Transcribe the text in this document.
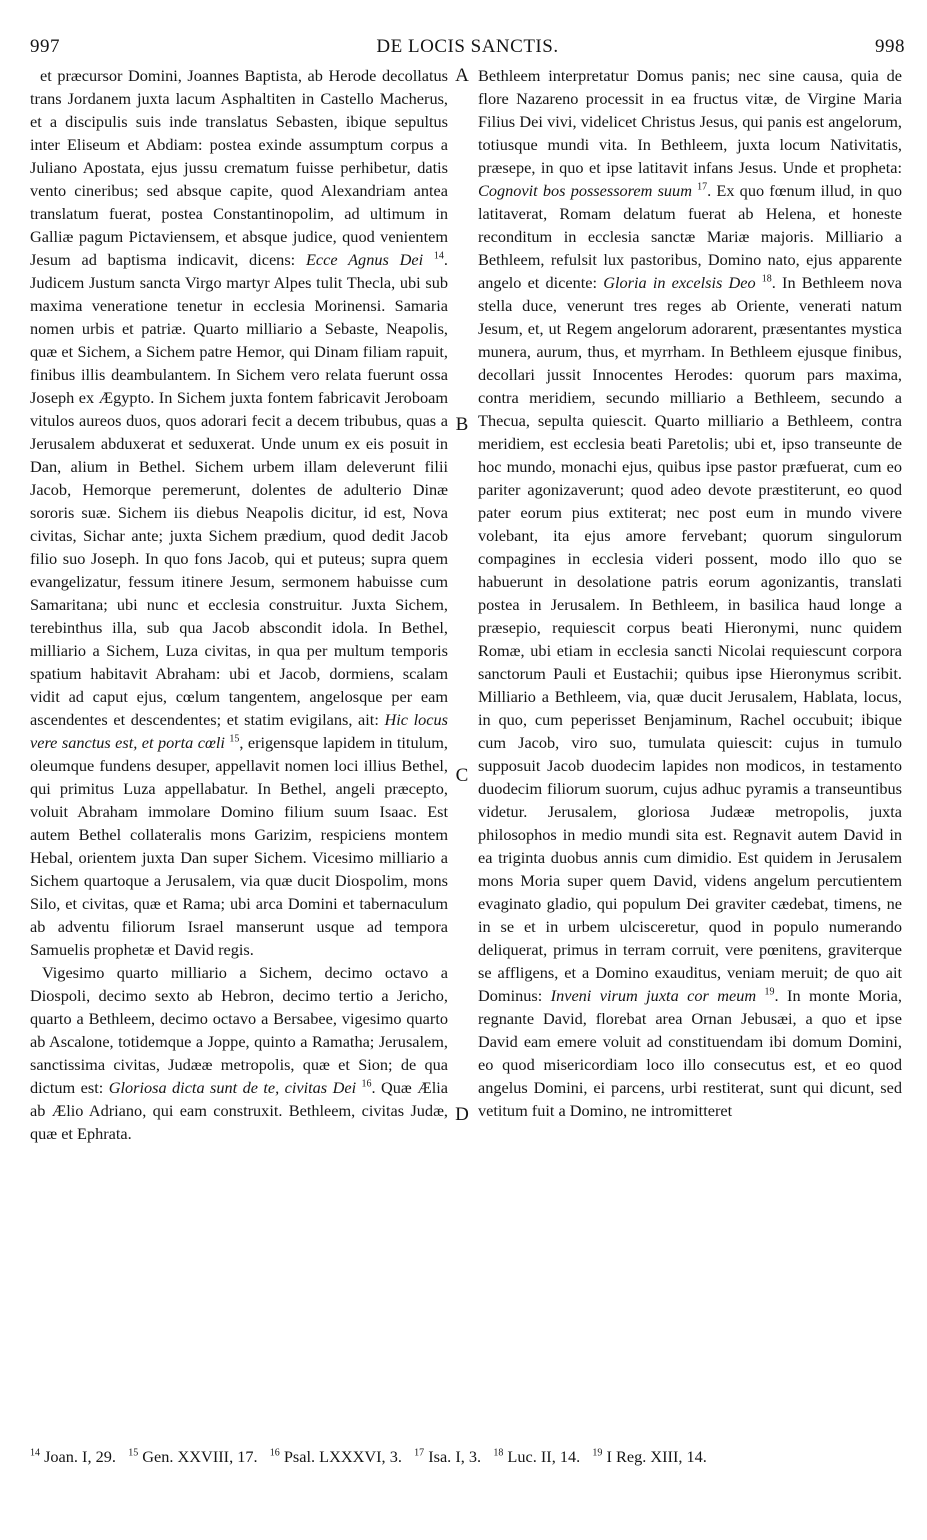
997	DE LOCIS SANCTIS.	998
A
B
C
D

et præcursor Domini, Joannes Baptista, ab Herode decollatus trans Jordanem juxta lacum Asphaltiten in Castello Macherus, et a discipulis suis inde translatus Sebasten, ibique sepultus inter Eliseum et Abdiam: postea exinde assumptum corpus a Juliano Apostata, ejus jussu crematum fuisse perhibetur, datis vento cineribus; sed absque capite, quod Alexandriam antea translatum fuerat, postea Constantinopolim, ad ultimum in Galliæ pagum Pictaviensem, et absque judice, quod venientem Jesum ad baptisma indicavit, dicens: Ecce Agnus Dei $^{14}$. Judicem Justum sancta Virgo martyr Alpes tulit Thecla, ubi sub maxima veneratione tenetur in ecclesia Morinensi. Samaria nomen urbis et patriæ. Quarto milliario a Sebaste, Neapolis, quæ et Sichem, a Sichem patre Hemor, qui Dinam filiam rapuit, finibus illis deambulantem. In Sichem vero relata fuerunt ossa Joseph ex Ægypto. In Sichem juxta fontem fabricavit Jeroboam vitulos aureos duos, quos adorari fecit a decem tribubus, quas a Jerusalem abduxerat et seduxerat. Unde unum ex eis posuit in Dan, alium in Bethel. Sichem urbem illam deleverunt filii Jacob, Hemorque peremerunt, dolentes de adulterio Dinæ sororis suæ. Sichem iis diebus Neapolis dicitur, id est, Nova civitas, Sichar ante; juxta Sichem prædium, quod dedit Jacob filio suo Joseph. In quo fons Jacob, qui et puteus; supra quem evangelizatur, fessum itinere Jesum, sermonem habuisse cum Samaritana; ubi nunc et ecclesia construitur. Juxta Sichem, terebinthus illa, sub qua Jacob abscondit idola. In Bethel, milliario a Sichem, Luza civitas, in qua per multum temporis spatium habitavit Abraham: ubi et Jacob, dormiens, scalam vidit ad caput ejus, cœlum tangentem, angelosque per eam ascendentes et descendentes; et statim evigilans, ait: Hic locus vere sanctus est, et porta cœli $^{15}$, erigensque lapidem in titulum, oleumque fundens desuper, appellavit nomen loci illius Bethel, qui primitus Luza appellabatur. In Bethel, angeli præcepto, voluit Abraham immolare Domino filium suum Isaac. Est autem Bethel collateralis mons Garizim, respiciens montem Hebal, orientem juxta Dan super Sichem. Vicesimo milliario a Sichem quartoque a Jerusalem, via quæ ducit Diospolim, mons Silo, et civitas, quæ et Rama; ubi arca Domini et tabernaculum ab adventu filiorum Israel manserunt usque ad tempora Samuelis prophetæ et David regis.

Vigesimo quarto milliario a Sichem, decimo octavo a Diospoli, decimo sexto ab Hebron, decimo tertio a Jericho, quarto a Bethleem, decimo octavo a Bersabee, vigesimo quarto ab Ascalone, totidemque a Joppe, quinto a Ramatha; Jerusalem, sanctissima civitas, Judææ metropolis, quæ et Sion; de qua dictum est: Gloriosa dicta sunt de te, civitas Dei $^{16}$. Quæ Ælia ab Ælio Adriano, qui eam construxit. Bethleem, civitas Judæ, quæ et Ephrata.

Bethleem interpretatur Domus panis; nec sine causa, quia de flore Nazareno processit in ea fructus vitæ, de Virgine Maria Filius Dei vivi, videlicet Christus Jesus, qui panis est angelorum, totiusque mundi vita. In Bethleem, juxta locum Nativitatis, præsepe, in quo et ipse latitavit infans Jesus. Unde et propheta: Cognovit bos possessorem suum $^{17}$. Ex quo fœnum illud, in quo latitaverat, Romam delatum fuerat ab Helena, et honeste reconditum in ecclesia sanctæ Mariæ majoris. Milliario a Bethleem, refulsit lux pastoribus, Domino nato, ejus apparente angelo et dicente: Gloria in excelsis Deo $^{18}$. In Bethleem nova stella duce, venerunt tres reges ab Oriente, venerati natum Jesum, et, ut Regem angelorum adorarent, præsentantes mystica munera, aurum, thus, et myrrham. In Bethleem ejusque finibus, decollari jussit Innocentes Herodes: quorum pars maxima, contra meridiem, secundo milliario a Bethleem, secundo a Thecua, sepulta quiescit. Quarto milliario a Bethleem, contra meridiem, est ecclesia beati Paretolis; ubi et, ipso transeunte de hoc mundo, monachi ejus, quibus ipse pastor præfuerat, cum eo pariter agonizaverunt; quod adeo devote præstiterunt, eo quod pater eorum pius extiterat; nec post eum in mundo vivere volebant, ita ejus amore fervebant; quorum singulorum compagines in ecclesia videri possent, modo illo quo se habuerunt in desolatione patris eorum agonizantis, translati postea in Jerusalem. In Bethleem, in basilica haud longe a præsepio, requiescit corpus beati Hieronymi, nunc quidem Romæ, ubi etiam in ecclesia sancti Nicolai requiescunt corpora sanctorum Pauli et Eustachii; quibus ipse Hieronymus scribit. Milliario a Bethleem, via, quæ ducit Jerusalem, Hablata, locus, in quo, cum peperisset Benjaminum, Rachel occubuit; ibique cum Jacob, viro suo, tumulata quiescit: cujus in tumulo supposuit Jacob duodecim lapides non modicos, in testamento duodecim filiorum suorum, cujus adhuc pyramis a transeuntibus videtur. Jerusalem, gloriosa Judææ metropolis, juxta philosophos in medio mundi sita est. Regnavit autem David in ea triginta duobus annis cum dimidio. Est quidem in Jerusalem mons Moria super quem David, videns angelum percutientem evaginato gladio, qui populum Dei graviter cædebat, timens, ne in se et in urbem ulcisceretur, quod in populo numerando deliquerat, primus in terram corruit, vere pœnitens, graviterque se affligens, et a Domino exauditus, veniam meruit; de quo ait Dominus: Inveni virum juxta cor meum $^{19}$. In monte Moria, regnante David, florebat area Ornan Jebusæi, a quo et ipse David eam emere voluit ad constituendam ibi domum Domini, eo quod misericordiam loco illo consecutus est, et eo quod angelus Domini, ei parcens, urbi restiterat, sunt qui dicunt, sed vetitum fuit a Domino, ne intromitteret

$^{14}$ Joan. I, 29. $^{15}$ Gen. XXVIII, 17. $^{16}$ Psal. LXXXVI, 3. $^{17}$ Isa. I, 3. $^{18}$ Luc. II, 14. $^{19}$ I Reg. XIII, 14.
